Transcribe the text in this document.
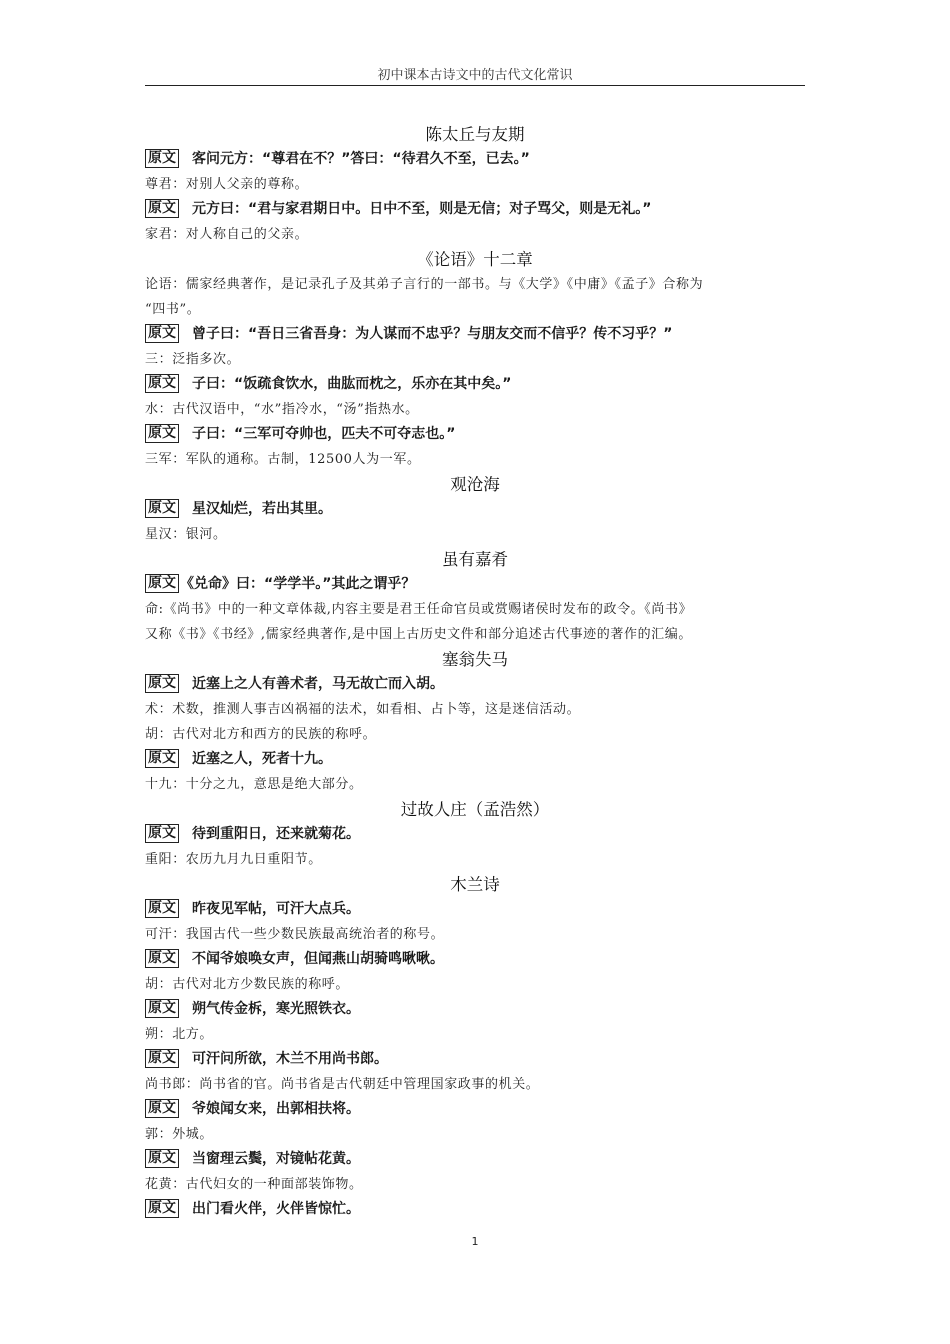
初中课本古诗文中的古代文化常识
陈太丘与友期
原文 客问元方：“尊君在不？”答曰：“待君久不至，已去。”
尊君：对别人父亲的尊称。
原文 元方曰：“君与家君期日中。日中不至，则是无信；对子骂父，则是无礼。”
家君：对人称自己的父亲。
《论语》十二章
论语：儒家经典著作，是记录孔子及其弟子言行的一部书。与《大学》《中庸》《孟子》合称为
“四书”。
原文 曾子曰：“吾日三省吾身：为人谋而不忠乎？与朋友交而不信乎？传不习乎？”
三：泛指多次。
原文 子曰：“饭疏食饮水，曲肱而枕之，乐亦在其中矣。”
水：古代汉语中，“水”指冷水，“汤”指热水。
原文 子曰：“三军可夺帅也，匹夫不可夺志也。”
三军：军队的通称。古制，12500人为一军。
观沧海
原文 星汉灿烂，若出其里。
星汉：银河。
虽有嘉肴
原文 《兑命》曰：“学学半。”其此之谓乎？
命:《尚书》中的一种文章体裁,内容主要是君王任命官员或赏赐诸侯时发布的政令。《尚书》
又称《书》《书经》,儒家经典著作,是中国上古历史文件和部分追述古代事迹的著作的汇编。
塞翁失马
原文 近塞上之人有善术者，马无故亡而入胡。
术：术数，推测人事吉凶祸福的法术，如看相、占卜等，这是迷信活动。
胡：古代对北方和西方的民族的称呼。
原文 近塞之人，死者十九。
十九：十分之九，意思是绝大部分。
过故人庄（孟浩然）
原文 待到重阳日，还来就菊花。
重阳：农历九月九日重阳节。
木兰诗
原文 昨夜见军帖，可汗大点兵。
可汗：我国古代一些少数民族最高统治者的称号。
原文 不闻爷娘唤女声，但闻燕山胡骑鸣啾啾。
胡：古代对北方少数民族的称呼。
原文 朔气传金柝，寒光照铁衣。
朔：北方。
原文 可汗问所欲，木兰不用尚书郎。
尚书郎：尚书省的官。尚书省是古代朝廷中管理国家政事的机关。
原文 爷娘闻女来，出郭相扶将。
郭：外城。
原文 当窗理云鬓，对镜帖花黄。
花黄：古代妇女的一种面部装饰物。
原文 出门看火伴，火伴皆惊忙。
1
